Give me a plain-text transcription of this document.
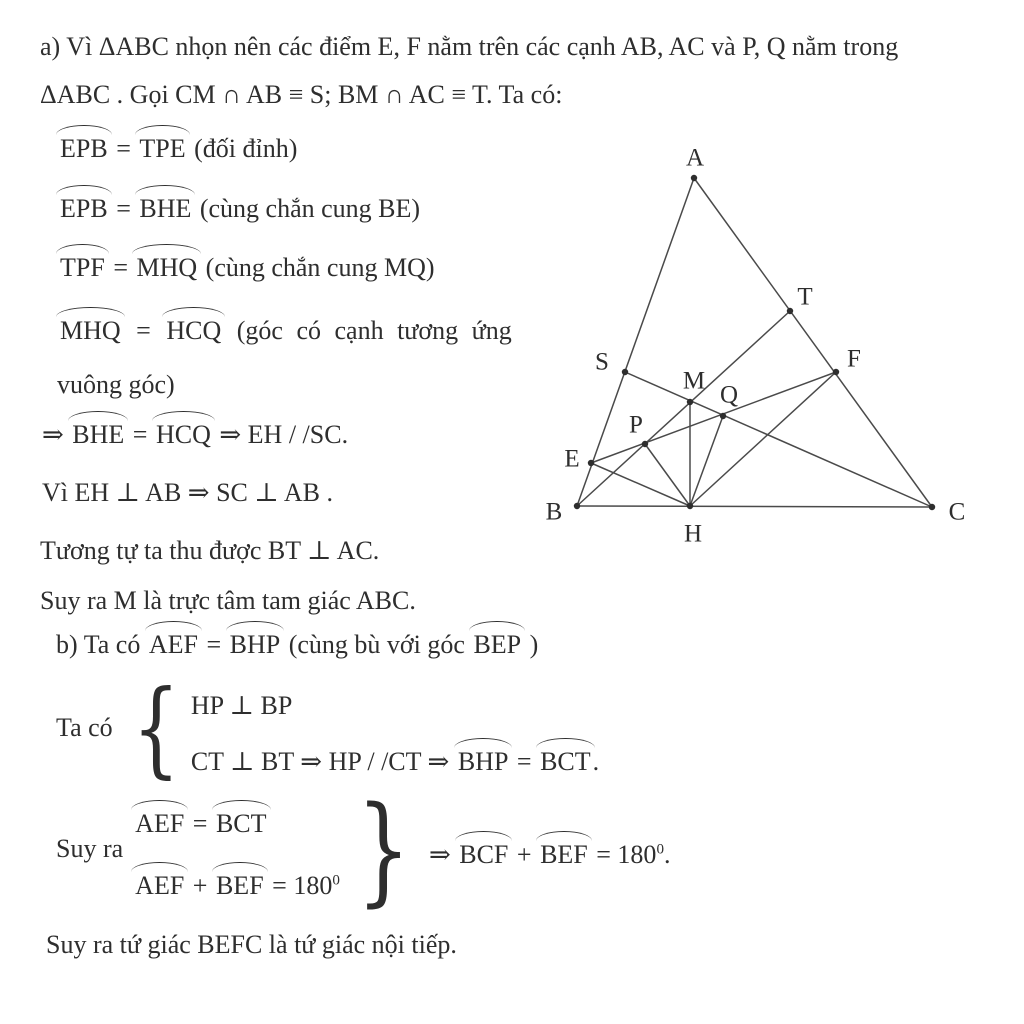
a) Vì ΔABC nhọn nên các điểm E, F nằm trên các cạnh AB, AC và P, Q nằm trong
ΔABC . Gọi CM ∩ AB ≡ S; BM ∩ AC ≡ T. Ta có:
EPB = TPE (đối đỉnh)
EPB = BHE (cùng chắn cung BE)
TPF = MHQ (cùng chắn cung MQ)
MHQ = HCQ (góc có cạnh tương ứng
vuông góc)
⇒ BHE = HCQ ⇒ EH / /SC.
Vì EH ⊥ AB ⇒ SC ⊥ AB .
Tương tự ta thu được BT ⊥ AC.
Suy ra M là trực tâm tam giác ABC.
b) Ta có AEF = BHP (cùng bù với góc BEP )
Ta có { HP ⊥ BP
CT ⊥ BT ⇒ HP / /CT ⇒ BHP = BCT.
Suy ra
AEF = BCT
AEF + BEF = $180^0$ } ⇒ BCF + BEF = $180^0$.
Suy ra tứ giác BEFC là tứ giác nội tiếp.
A
B	C
H
E
S
M
Q
P
F
T
